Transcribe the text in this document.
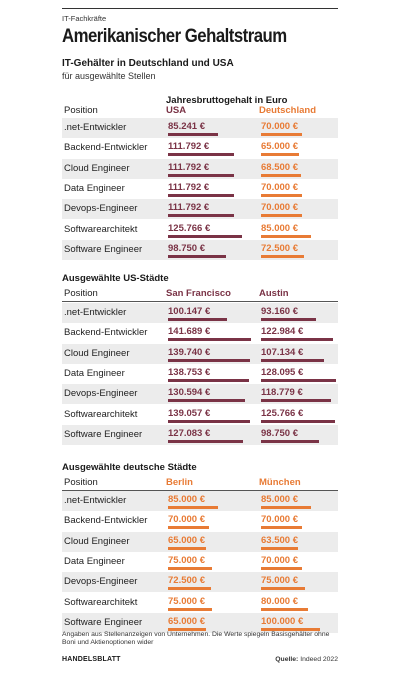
IT-Fachkräfte
Amerikanischer Gehaltstraum
IT-Gehälter in Deutschland und USA
für ausgewählte Stellen
Jahresbruttogehalt in Euro
Position	USA	Deutschland
.net-Entwickler	85.241 €	70.000 €
Backend-Entwickler 111.792 €	65.000 €
Cloud Engineer	111.792 €	68.500 €
Data Engineer	111.792 €	70.000 €
Devops-Engineer	111.792 €	70.000 €
Softwarearchitekt	125.766 €	85.000 €
Software Engineer	98.750 €	72.500 €
Ausgewählte US-Städte
Position	San Francisco	Austin
.net-Entwickler	100.147 €	93.160 €
Backend-Entwickler 141.689 €	122.984 €
Cloud Engineer	139.740 €	107.134 €
Data Engineer	138.753 €	128.095 €
Devops-Engineer	130.594 €	118.779 €
Softwarearchitekt	139.057 €	125.766 €
Software Engineer	127.083 €	98.750 €
Ausgewählte deutsche Städte
Position	Berlin	München
.net-Entwickler	85.000 €	85.000 €
Backend-Entwickler 70.000 €	70.000 €
Cloud Engineer	65.000 €	63.500 €
Data Engineer	75.000 €	70.000 €
Devops-Engineer	72.500 €	75.000 €
Softwarearchitekt	75.000 €	80.000 €
Software Engineer	65.000 €	100.000 €
Angaben aus Stellenanzeigen von Unternehmen. Die Werte spiegeln Basisgehälter ohne Boni und Aktienoptionen wider
HANDELSBLATT	Quelle: Indeed 2022
